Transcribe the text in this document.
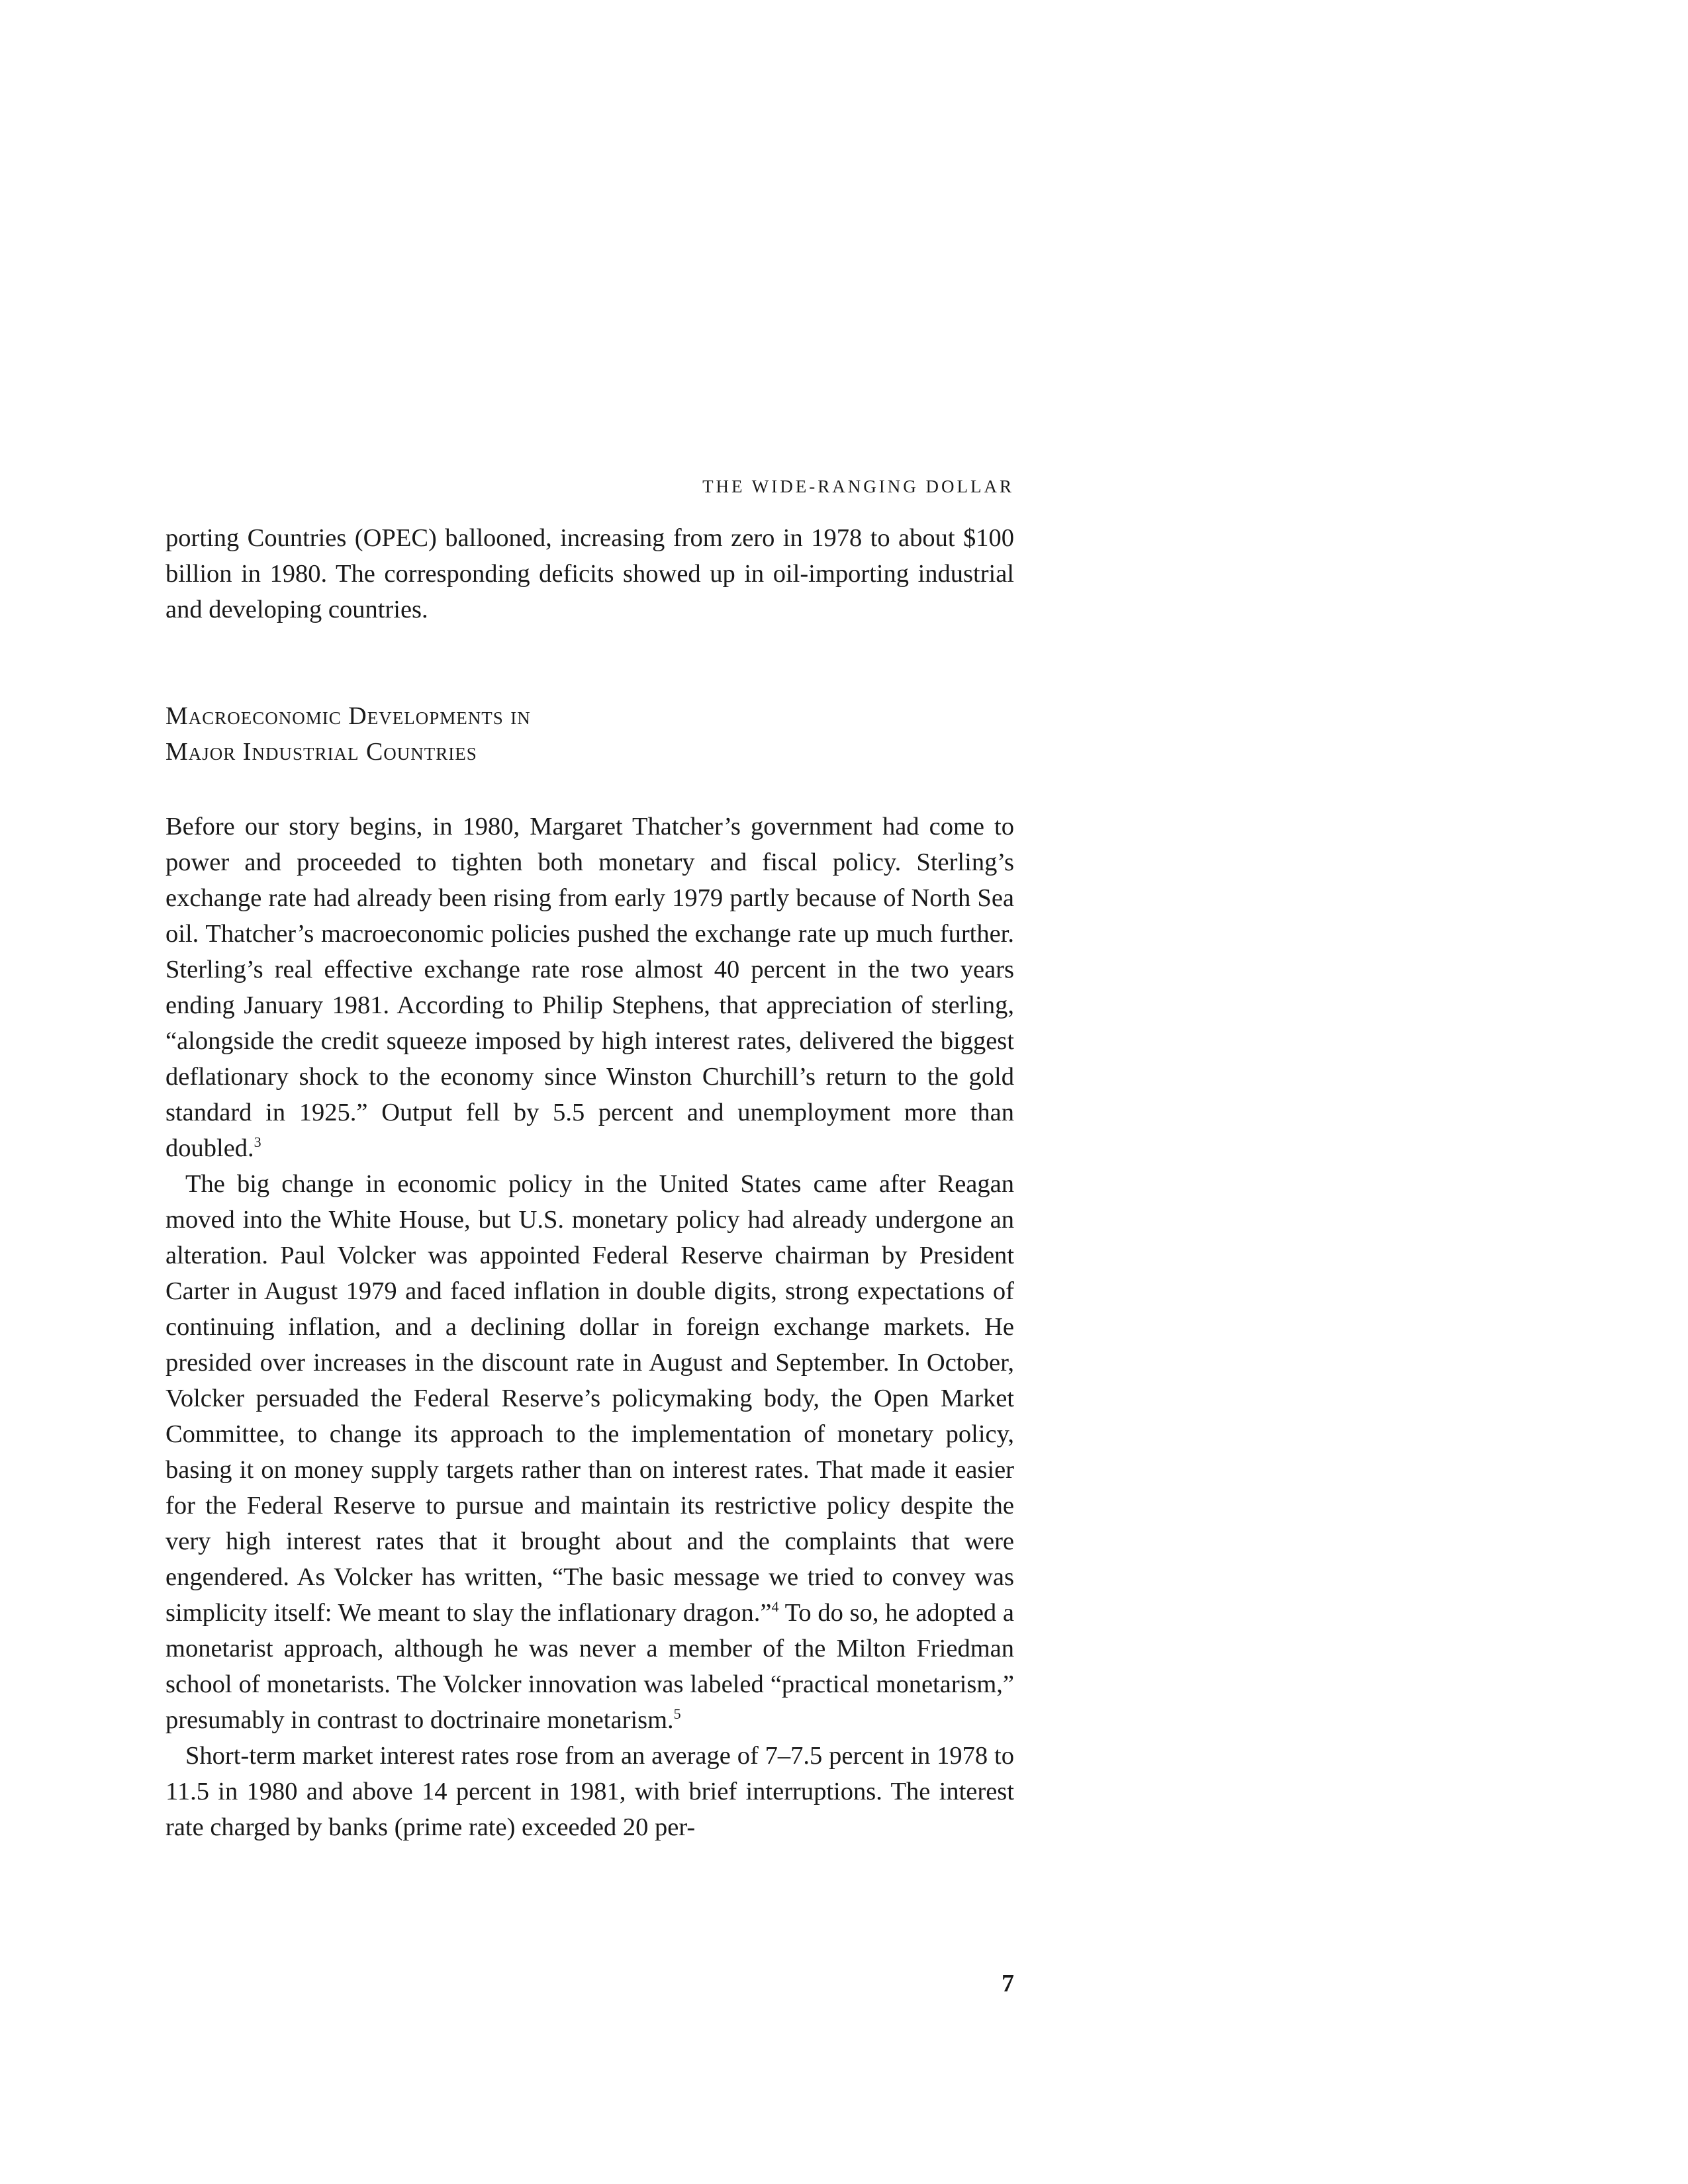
THE WIDE-RANGING DOLLAR

porting Countries (OPEC) ballooned, increasing from zero in 1978 to about $100 billion in 1980. The corresponding deficits showed up in oil-importing industrial and developing countries.

Macroeconomic Developments in
Major Industrial Countries

Before our story begins, in 1980, Margaret Thatcher’s government had come to power and proceeded to tighten both monetary and fiscal policy. Sterling’s exchange rate had already been rising from early 1979 partly because of North Sea oil. Thatcher’s macroeconomic policies pushed the exchange rate up much further. Sterling’s real effective exchange rate rose almost 40 percent in the two years ending January 1981. According to Philip Stephens, that appreciation of sterling, “alongside the credit squeeze imposed by high interest rates, delivered the biggest deflationary shock to the economy since Winston Churchill’s return to the gold standard in 1925.” Output fell by 5.5 percent and unemployment more than doubled.$^3$

The big change in economic policy in the United States came after Reagan moved into the White House, but U.S. monetary policy had already undergone an alteration. Paul Volcker was appointed Federal Reserve chairman by President Carter in August 1979 and faced inflation in double digits, strong expectations of continuing inflation, and a declining dollar in foreign exchange markets. He presided over increases in the discount rate in August and September. In October, Volcker persuaded the Federal Reserve’s policymaking body, the Open Market Committee, to change its approach to the implementation of monetary policy, basing it on money supply targets rather than on interest rates. That made it easier for the Federal Reserve to pursue and maintain its restrictive policy despite the very high interest rates that it brought about and the complaints that were engendered. As Volcker has written, “The basic message we tried to convey was simplicity itself: We meant to slay the inflationary dragon.”$^4$ To do so, he adopted a monetarist approach, although he was never a member of the Milton Friedman school of monetarists. The Volcker innovation was labeled “practical monetarism,” presumably in contrast to doctrinaire monetarism.$^5$

Short-term market interest rates rose from an average of 7–7.5 percent in 1978 to 11.5 in 1980 and above 14 percent in 1981, with brief interruptions. The interest rate charged by banks (prime rate) exceeded 20 per-

7
